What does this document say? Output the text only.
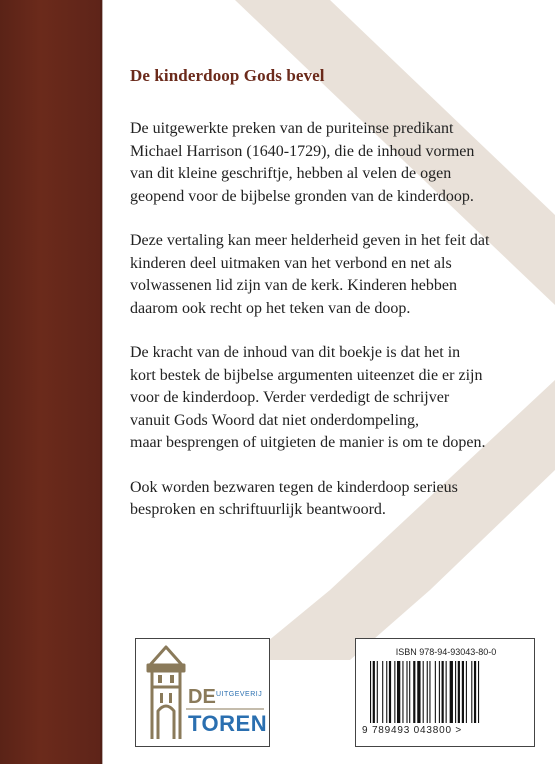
De kinderdoop Gods bevel

De uitgewerkte preken van de puriteinse predikant
Michael Harrison (1640-1729), die de inhoud vormen
van dit kleine geschriftje, hebben al velen de ogen
geopend voor de bijbelse gronden van de kinderdoop.

Deze vertaling kan meer helderheid geven in het feit dat
kinderen deel uitmaken van het verbond en net als
volwassenen lid zijn van de kerk. Kinderen hebben
daarom ook recht op het teken van de doop.

De kracht van de inhoud van dit boekje is dat het in
kort bestek de bijbelse argumenten uiteenzet die er zijn
voor de kinderdoop. Verder verdedigt de schrijver
vanuit Gods Woord dat niet onderdompeling,
maar besprengen of uitgieten de manier is om te dopen.

Ook worden bezwaren tegen de kinderdoop serieus
besproken en schriftuurlijk beantwoord.

DE UITGEVERIJ
TOREN
ISBN 978-94-93043-80-0
9 789493 043800 >
